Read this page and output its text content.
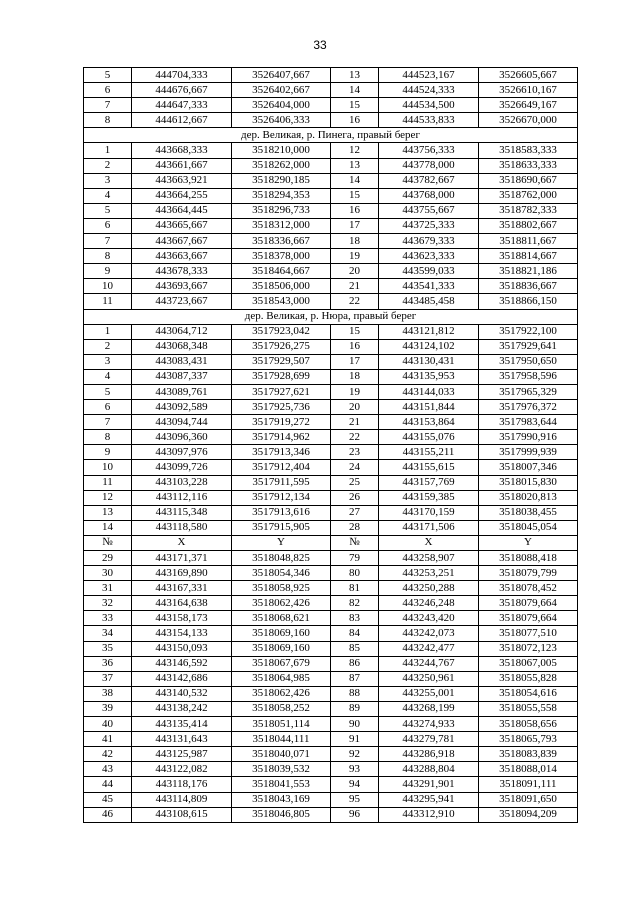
33
5	444704,333	3526407,667	13	444523,167	3526605,667
6	444676,667	3526402,667	14	444524,333	3526610,167
7	444647,333	3526404,000	15	444534,500	3526649,167
8	444612,667	3526406,333	16	444533,833	3526670,000
дер. Великая, р. Пинега, правый берег					
1	443668,333	3518210,000	12	443756,333	3518583,333
2	443661,667	3518262,000	13	443778,000	3518633,333
3	443663,921	3518290,185	14	443782,667	3518690,667
4	443664,255	3518294,353	15	443768,000	3518762,000
5	443664,445	3518296,733	16	443755,667	3518782,333
6	443665,667	3518312,000	17	443725,333	3518802,667
7	443667,667	3518336,667	18	443679,333	3518811,667
8	443663,667	3518378,000	19	443623,333	3518814,667
9	443678,333	3518464,667	20	443599,033	3518821,186
10	443693,667	3518506,000	21	443541,333	3518836,667
11	443723,667	3518543,000	22	443485,458	3518866,150
дер. Великая, р. Нюра, правый берег					
1	443064,712	3517923,042	15	443121,812	3517922,100
2	443068,348	3517926,275	16	443124,102	3517929,641
3	443083,431	3517929,507	17	443130,431	3517950,650
4	443087,337	3517928,699	18	443135,953	3517958,596
5	443089,761	3517927,621	19	443144,033	3517965,329
6	443092,589	3517925,736	20	443151,844	3517976,372
7	443094,744	3517919,272	21	443153,864	3517983,644
8	443096,360	3517914,962	22	443155,076	3517990,916
9	443097,976	3517913,346	23	443155,211	3517999,939
10	443099,726	3517912,404	24	443155,615	3518007,346
11	443103,228	3517911,595	25	443157,769	3518015,830
12	443112,116	3517912,134	26	443159,385	3518020,813
13	443115,348	3517913,616	27	443170,159	3518038,455
14	443118,580	3517915,905	28	443171,506	3518045,054
№	X	Y	№	X	Y
29	443171,371	3518048,825	79	443258,907	3518088,418
30	443169,890	3518054,346	80	443253,251	3518079,799
31	443167,331	3518058,925	81	443250,288	3518078,452
32	443164,638	3518062,426	82	443246,248	3518079,664
33	443158,173	3518068,621	83	443243,420	3518079,664
34	443154,133	3518069,160	84	443242,073	3518077,510
35	443150,093	3518069,160	85	443242,477	3518072,123
36	443146,592	3518067,679	86	443244,767	3518067,005
37	443142,686	3518064,985	87	443250,961	3518055,828
38	443140,532	3518062,426	88	443255,001	3518054,616
39	443138,242	3518058,252	89	443268,199	3518055,558
40	443135,414	3518051,114	90	443274,933	3518058,656
41	443131,643	3518044,111	91	443279,781	3518065,793
42	443125,987	3518040,071	92	443286,918	3518083,839
43	443122,082	3518039,532	93	443288,804	3518088,014
44	443118,176	3518041,553	94	443291,901	3518091,111
45	443114,809	3518043,169	95	443295,941	3518091,650
46	443108,615	3518046,805	96	443312,910	3518094,209
